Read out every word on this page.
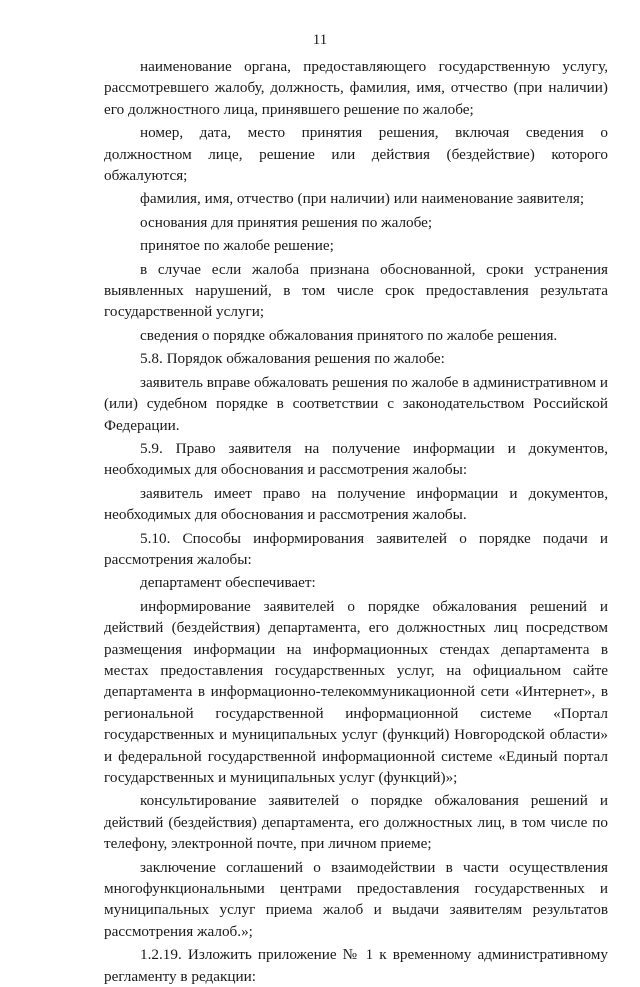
11

наименование органа, предоставляющего государственную услугу, рассмотревшего жалобу, должность, фамилия, имя, отчество (при наличии) его должностного лица, принявшего решение по жалобе;

номер, дата, место принятия решения, включая сведения о должностном лице, решение или действия (бездействие) которого обжалуются;

фамилия, имя, отчество (при наличии) или наименование заявителя;

основания для принятия решения по жалобе;

принятое по жалобе решение;

в случае если жалоба признана обоснованной, сроки устранения выявленных нарушений, в том числе срок предоставления результата государственной услуги;

сведения о порядке обжалования принятого по жалобе решения.

5.8. Порядок обжалования решения по жалобе:

заявитель вправе обжаловать решения по жалобе в административном и (или) судебном порядке в соответствии с законодательством Российской Федерации.

5.9. Право заявителя на получение информации и документов, необходимых для обоснования и рассмотрения жалобы:

заявитель имеет право на получение информации и документов, необходимых для обоснования и рассмотрения жалобы.

5.10. Способы информирования заявителей о порядке подачи и рассмотрения жалобы:

департамент обеспечивает:

информирование заявителей о порядке обжалования решений и действий (бездействия) департамента, его должностных лиц посредством размещения информации на информационных стендах департамента в местах предоставления государственных услуг, на официальном сайте департамента в информационно-телекоммуникационной сети «Интернет», в региональной государственной информационной системе «Портал государственных и муниципальных услуг (функций) Новгородской области» и федеральной государственной информационной системе «Единый портал государственных и муниципальных услуг (функций)»;

консультирование заявителей о порядке обжалования решений и действий (бездействия) департамента, его должностных лиц, в том числе по телефону, электронной почте, при личном приеме;

заключение соглашений о взаимодействии в части осуществления многофункциональными центрами предоставления государственных и муниципальных услуг приема жалоб и выдачи заявителям результатов рассмотрения жалоб.»;

1.2.19. Изложить приложение № 1 к временному административному регламенту в редакции:
